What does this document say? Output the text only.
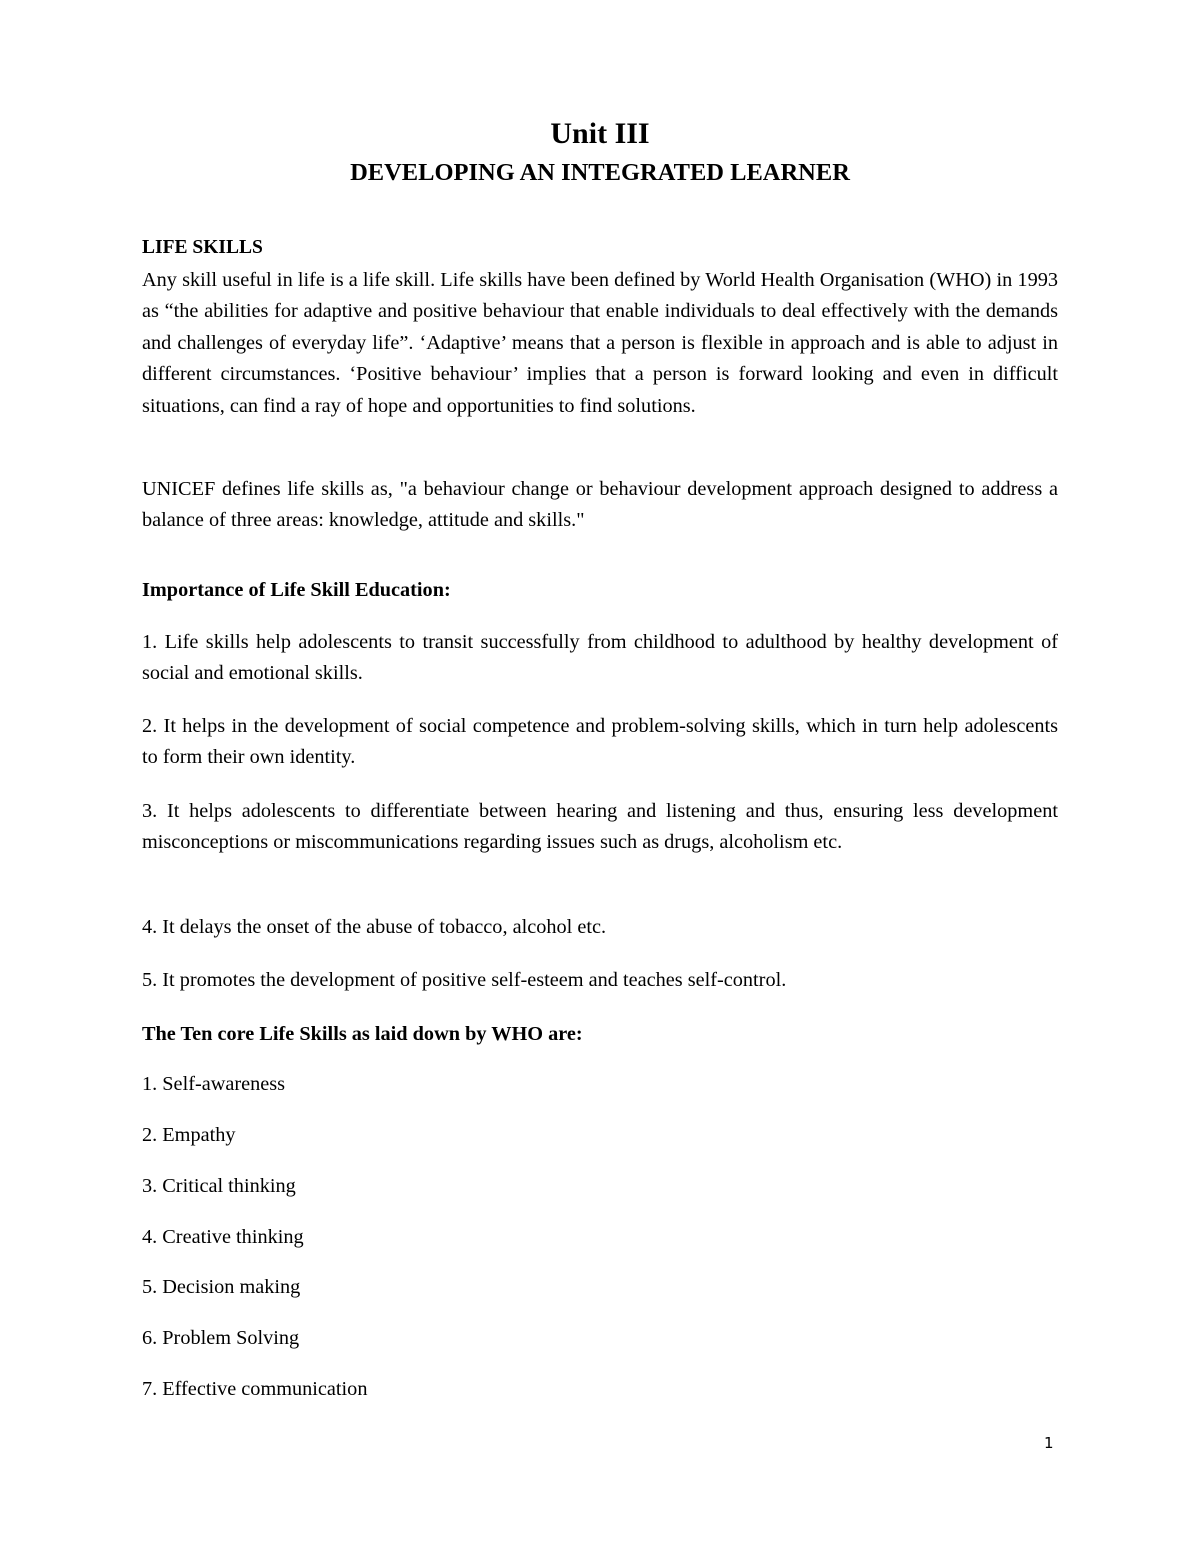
Unit III
DEVELOPING AN INTEGRATED LEARNER
LIFE SKILLS

Any skill useful in life is a life skill. Life skills have been defined by World Health Organisation (WHO) in 1993 as “the abilities for adaptive and positive behaviour that enable individuals to deal effectively with the demands and challenges of everyday life”. ‘Adaptive’ means that a person is flexible in approach and is able to adjust in different circumstances. ‘Positive behaviour’ implies that a person is forward looking and even in difficult situations, can find a ray of hope and opportunities to find solutions.

UNICEF defines life skills as, "a behaviour change or behaviour development approach designed to address a balance of three areas: knowledge, attitude and skills."

Importance of Life Skill Education:

1. Life skills help adolescents to transit successfully from childhood to adulthood by healthy development of social and emotional skills.

2. It helps in the development of social competence and problem-solving skills, which in turn help adolescents to form their own identity.

3. It helps adolescents to differentiate between hearing and listening and thus, ensuring less development misconceptions or miscommunications regarding issues such as drugs, alcoholism etc.

4. It delays the onset of the abuse of tobacco, alcohol etc.

5. It promotes the development of positive self-esteem and teaches self-control.

The Ten core Life Skills as laid down by WHO are:
1. Self-awareness
2. Empathy
3. Critical thinking
4. Creative thinking
5. Decision making
6. Problem Solving
7. Effective communication
1
